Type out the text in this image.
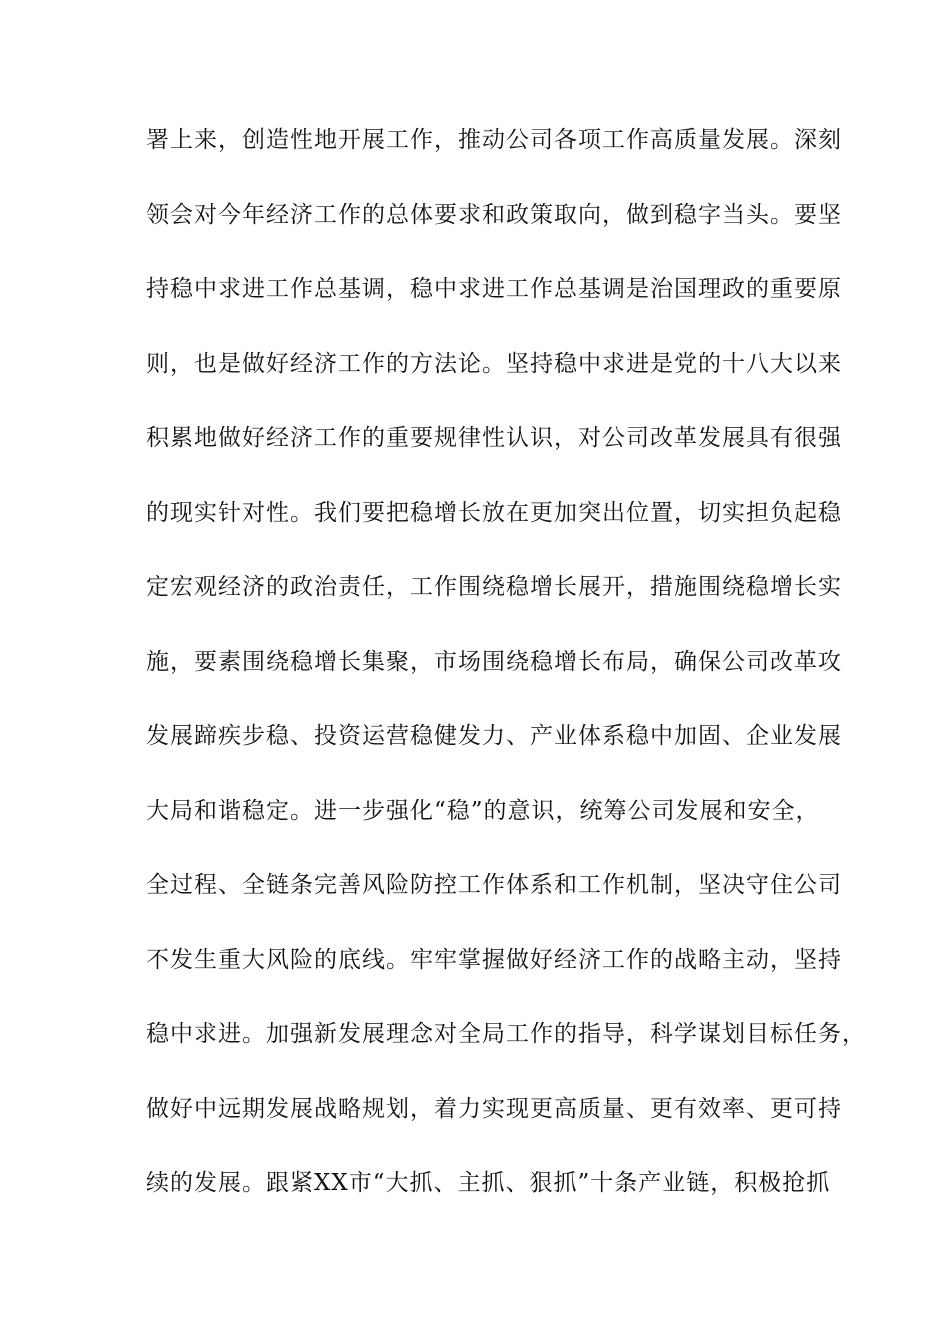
署上来，创造性地开展工作，推动公司各项工作高质量发展。深刻
领会对今年经济工作的总体要求和政策取向，做到稳字当头。要坚
持稳中求进工作总基调，稳中求进工作总基调是治国理政的重要原
则，也是做好经济工作的方法论。坚持稳中求进是党的十八大以来
积累地做好经济工作的重要规律性认识，对公司改革发展具有很强
的现实针对性。我们要把稳增长放在更加突出位置，切实担负起稳
定宏观经济的政治责任，工作围绕稳增长展开，措施围绕稳增长实
施，要素围绕稳增长集聚，市场围绕稳增长布局，确保公司改革攻
发展蹄疾步稳、投资运营稳健发力、产业体系稳中加固、企业发展
大局和谐稳定。进一步强化“稳”的意识，统筹公司发展和安全，
全过程、全链条完善风险防控工作体系和工作机制，坚决守住公司
不发生重大风险的底线。牢牢掌握做好经济工作的战略主动，坚持
稳中求进。加强新发展理念对全局工作的指导，科学谋划目标任务，
做好中远期发展战略规划，着力实现更高质量、更有效率、更可持
续的发展。跟紧XX市“大抓、主抓、狠抓”十条产业链，积极抢抓
